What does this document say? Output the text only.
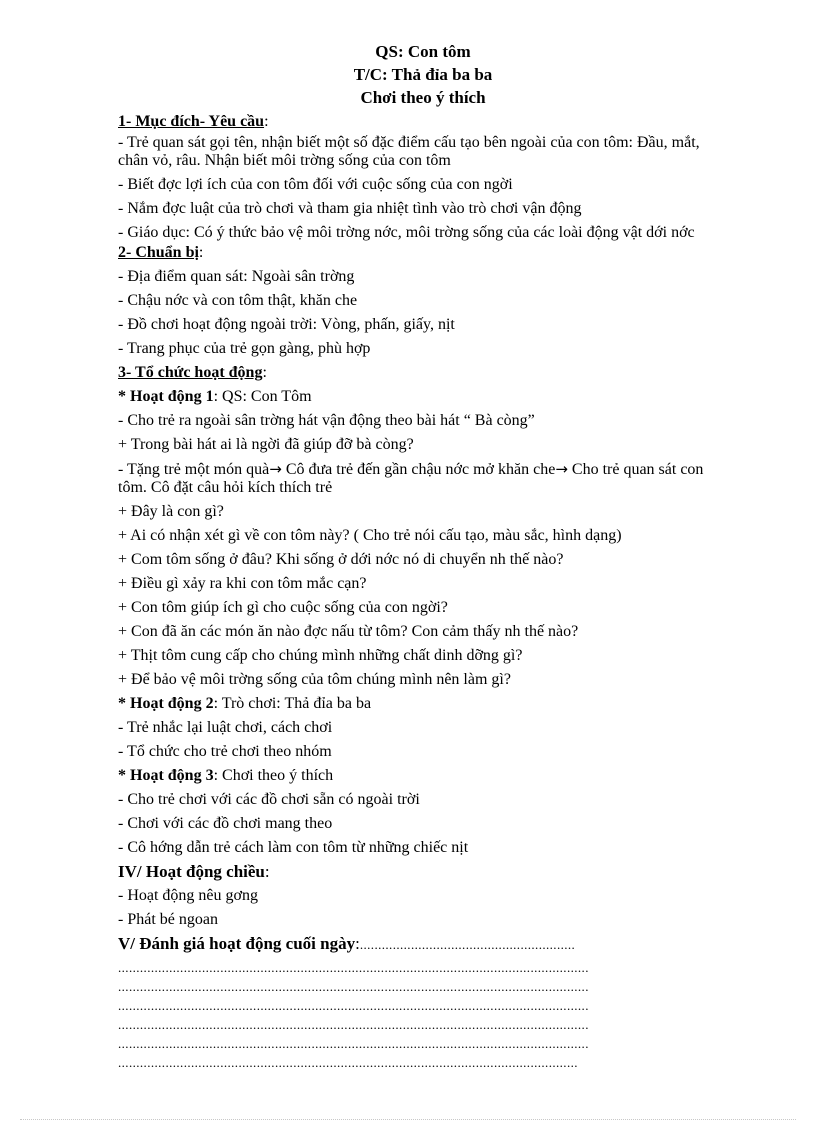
QS: Con tôm
T/C: Thả đỉa ba ba
Chơi theo ý thích
1- Mục đích- Yêu cầu:
- Trẻ quan sát gọi tên, nhận biết một số đặc điểm cấu tạo bên ngoài của con tôm: Đầu, mắt, chân vỏ, râu. Nhận biết môi trờng sống của con tôm
- Biết đợc lợi ích của con tôm đối với cuộc sống của con ngời
- Nắm đợc luật của trò chơi và tham gia nhiệt tình vào trò chơi vận động
- Giáo dục: Có ý thức bảo vệ môi trờng nớc, môi trờng sống của các loài động vật dới nớc
2- Chuẩn bị:
- Địa điểm quan sát: Ngoài sân trờng
- Chậu nớc và con tôm thật, khăn che
- Đồ chơi hoạt động ngoài trời: Vòng, phấn, giấy, nịt
- Trang phục của trẻ gọn gàng, phù hợp
3- Tổ chức hoạt động:
* Hoạt động 1: QS: Con Tôm
- Cho trẻ ra ngoài sân trờng hát vận động theo bài hát “ Bà còng”
+ Trong bài hát ai là ngời đã giúp đỡ bà còng?
- Tặng trẻ một món quà→ Cô đưa trẻ đến gần chậu nớc mở khăn che→ Cho trẻ quan sát con tôm. Cô đặt câu hỏi kích thích trẻ
+ Đây là con gì?
+ Ai có nhận xét gì về con tôm này? ( Cho trẻ nói cấu tạo, màu sắc, hình dạng)
+ Com tôm sống ở đâu? Khi sống ở dới nớc nó di chuyển nh thế nào?
+ Điều gì xảy ra khi con tôm mắc cạn?
+ Con tôm giúp ích gì cho cuộc sống của con ngời?
+ Con đã ăn các món ăn nào đợc nấu từ tôm? Con cảm thấy nh thế nào?
+ Thịt tôm cung cấp cho chúng mình những chất dinh dỡng gì?
+ Để bảo vệ môi trờng sống của tôm chúng mình nên làm gì?
* Hoạt động 2: Trò chơi: Thả đỉa ba ba
- Trẻ nhắc lại luật chơi, cách chơi
- Tổ chức cho trẻ chơi theo nhóm
* Hoạt động 3: Chơi theo ý thích
- Cho trẻ chơi với các đồ chơi sẵn có ngoài trời
- Chơi với các đồ chơi mang theo
- Cô hớng dẫn trẻ cách làm con tôm từ những chiếc nịt
IV/ Hoạt động chiều:
- Hoạt động nêu gơng
- Phát bé ngoan
V/ Đánh giá hoạt động cuối ngày:...........................................................
.................................................................................................................................
.................................................................................................................................
.................................................................................................................................
.................................................................................................................................
.................................................................................................................................
..............................................................................................................................
